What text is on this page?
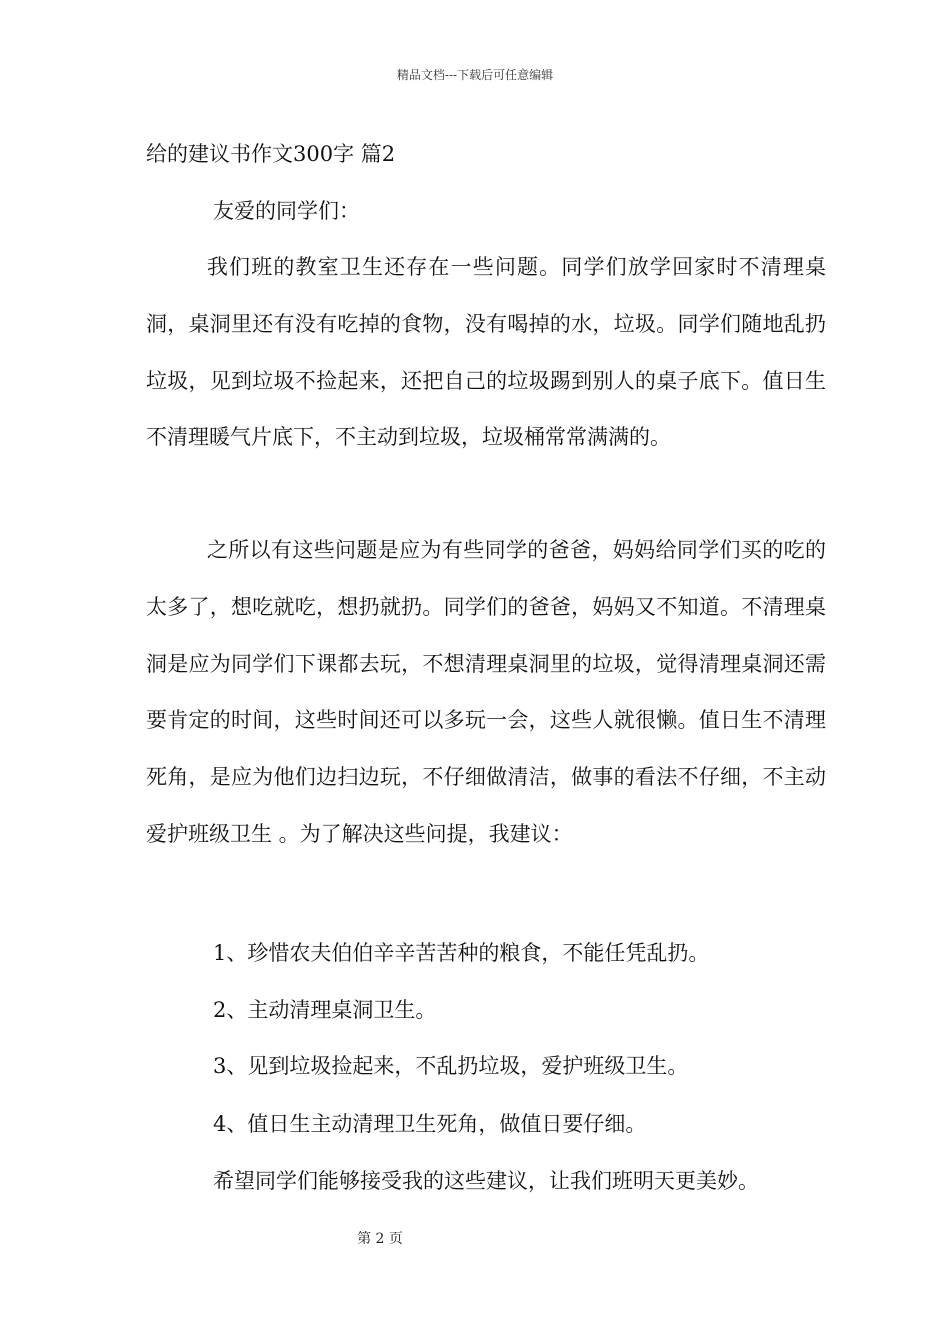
精品文档---下载后可任意编辑
给的建议书作文300字 篇2
友爱的同学们：

我们班的教室卫生还存在一些问题。同学们放学回家时不清理桌洞，桌洞里还有没有吃掉的食物，没有喝掉的水，垃圾。同学们随地乱扔垃圾，见到垃圾不捡起来，还把自己的垃圾踢到别人的桌子底下。值日生不清理暖气片底下，不主动到垃圾，垃圾桶常常满满的。

之所以有这些问题是应为有些同学的爸爸，妈妈给同学们买的吃的太多了，想吃就吃，想扔就扔。同学们的爸爸，妈妈又不知道。不清理桌洞是应为同学们下课都去玩，不想清理桌洞里的垃圾，觉得清理桌洞还需要肯定的时间，这些时间还可以多玩一会，这些人就很懒。值日生不清理死角，是应为他们边扫边玩，不仔细做清洁，做事的看法不仔细，不主动爱护班级卫生 。为了解决这些问提，我建议：

1、珍惜农夫伯伯辛辛苦苦种的粮食，不能任凭乱扔。
2、主动清理桌洞卫生。
3、见到垃圾捡起来，不乱扔垃圾，爱护班级卫生。
4、值日生主动清理卫生死角，做值日要仔细。
希望同学们能够接受我的这些建议，让我们班明天更美妙。
第 2 页
